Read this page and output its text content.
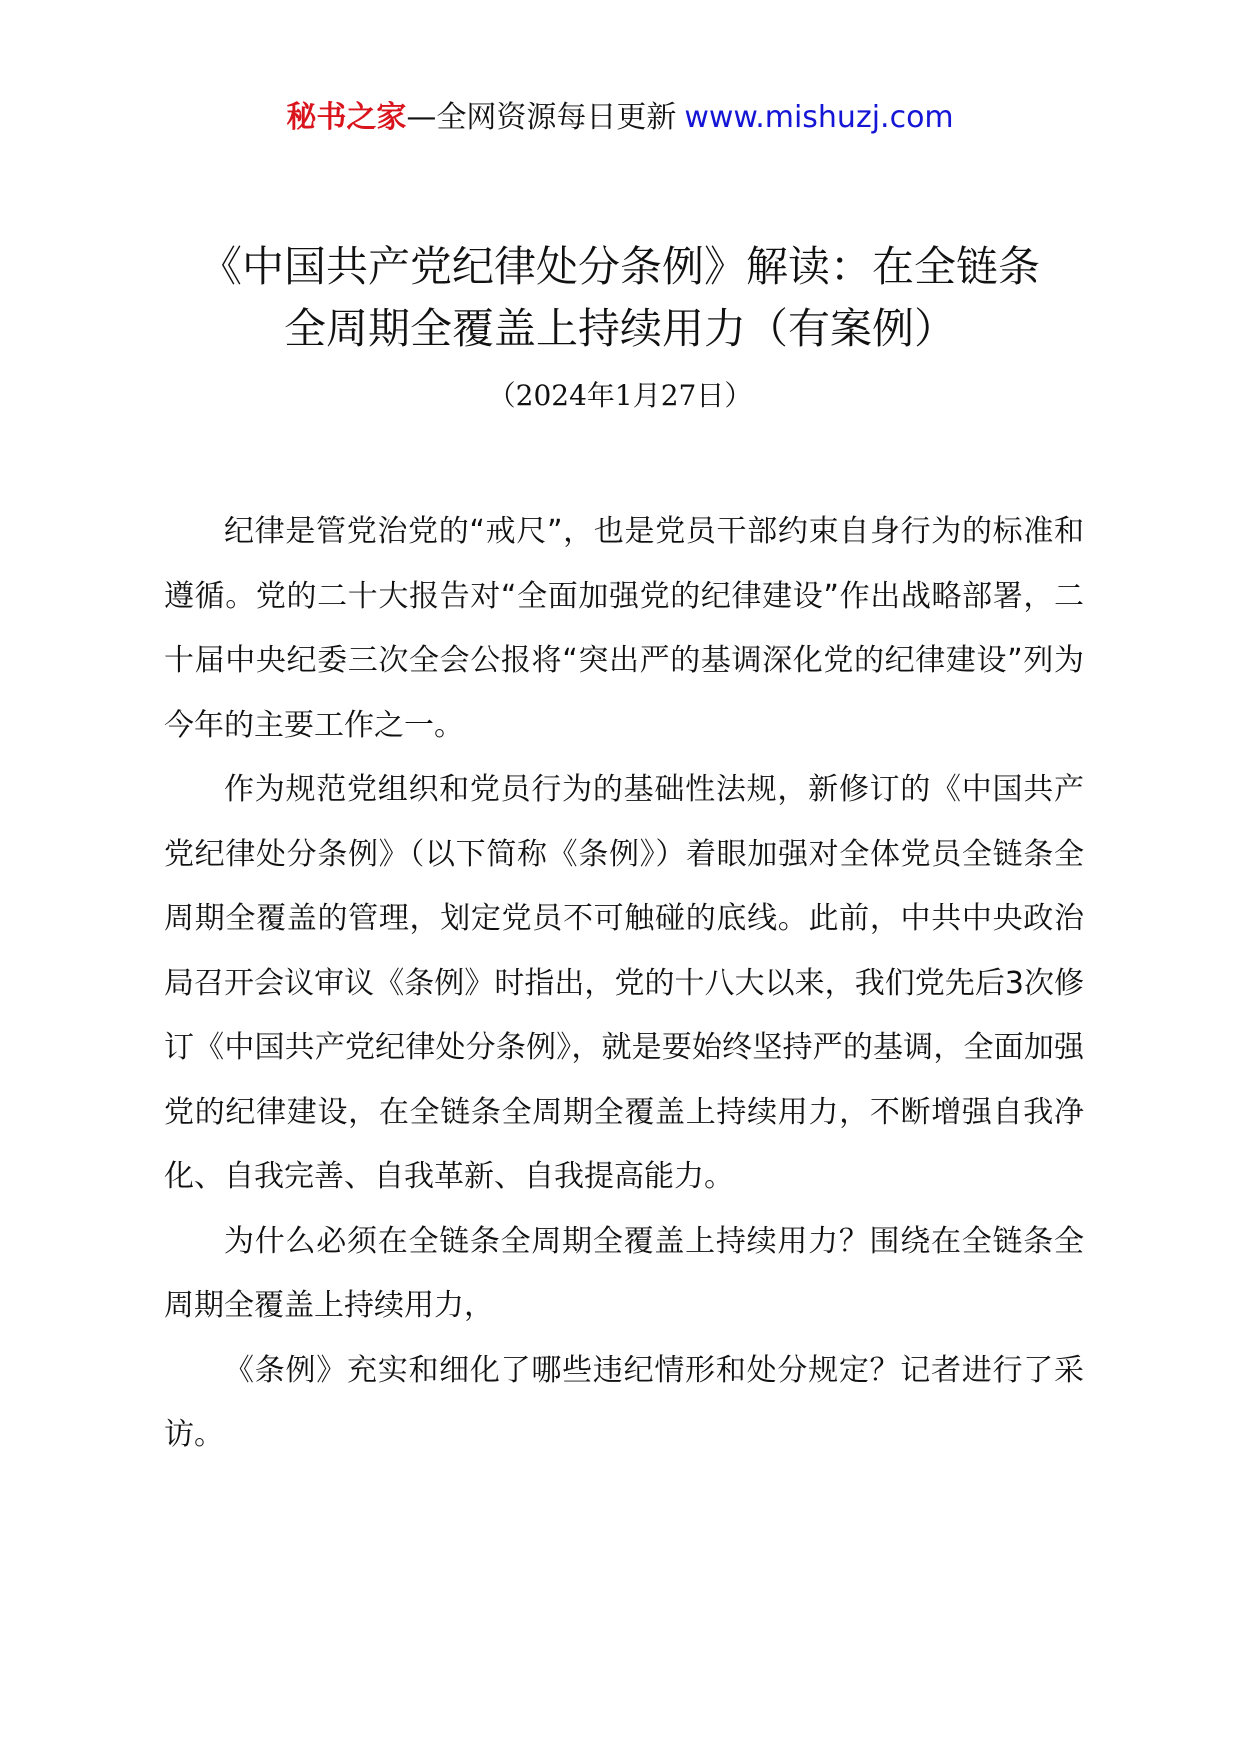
秘书之家—全网资源每日更新 www.mishuzj.com
《中国共产党纪律处分条例》解读：在全链条
全周期全覆盖上持续用力（有案例）
（2024年1月27日）

纪律是管党治党的“戒尺”，也是党员干部约束自身行为的标准和遵循。党的二十大报告对“全面加强党的纪律建设”作出战略部署，二十届中央纪委三次全会公报将“突出严的基调深化党的纪律建设”列为今年的主要工作之一。

作为规范党组织和党员行为的基础性法规，新修订的《中国共产党纪律处分条例》（以下简称《条例》）着眼加强对全体党员全链条全周期全覆盖的管理，划定党员不可触碰的底线。此前，中共中央政治局召开会议审议《条例》时指出，党的十八大以来，我们党先后3次修订《中国共产党纪律处分条例》，就是要始终坚持严的基调，全面加强党的纪律建设，在全链条全周期全覆盖上持续用力，不断增强自我净化、自我完善、自我革新、自我提高能力。

为什么必须在全链条全周期全覆盖上持续用力？围绕在全链条全周期全覆盖上持续用力，

《条例》充实和细化了哪些违纪情形和处分规定？记者进行了采访。
